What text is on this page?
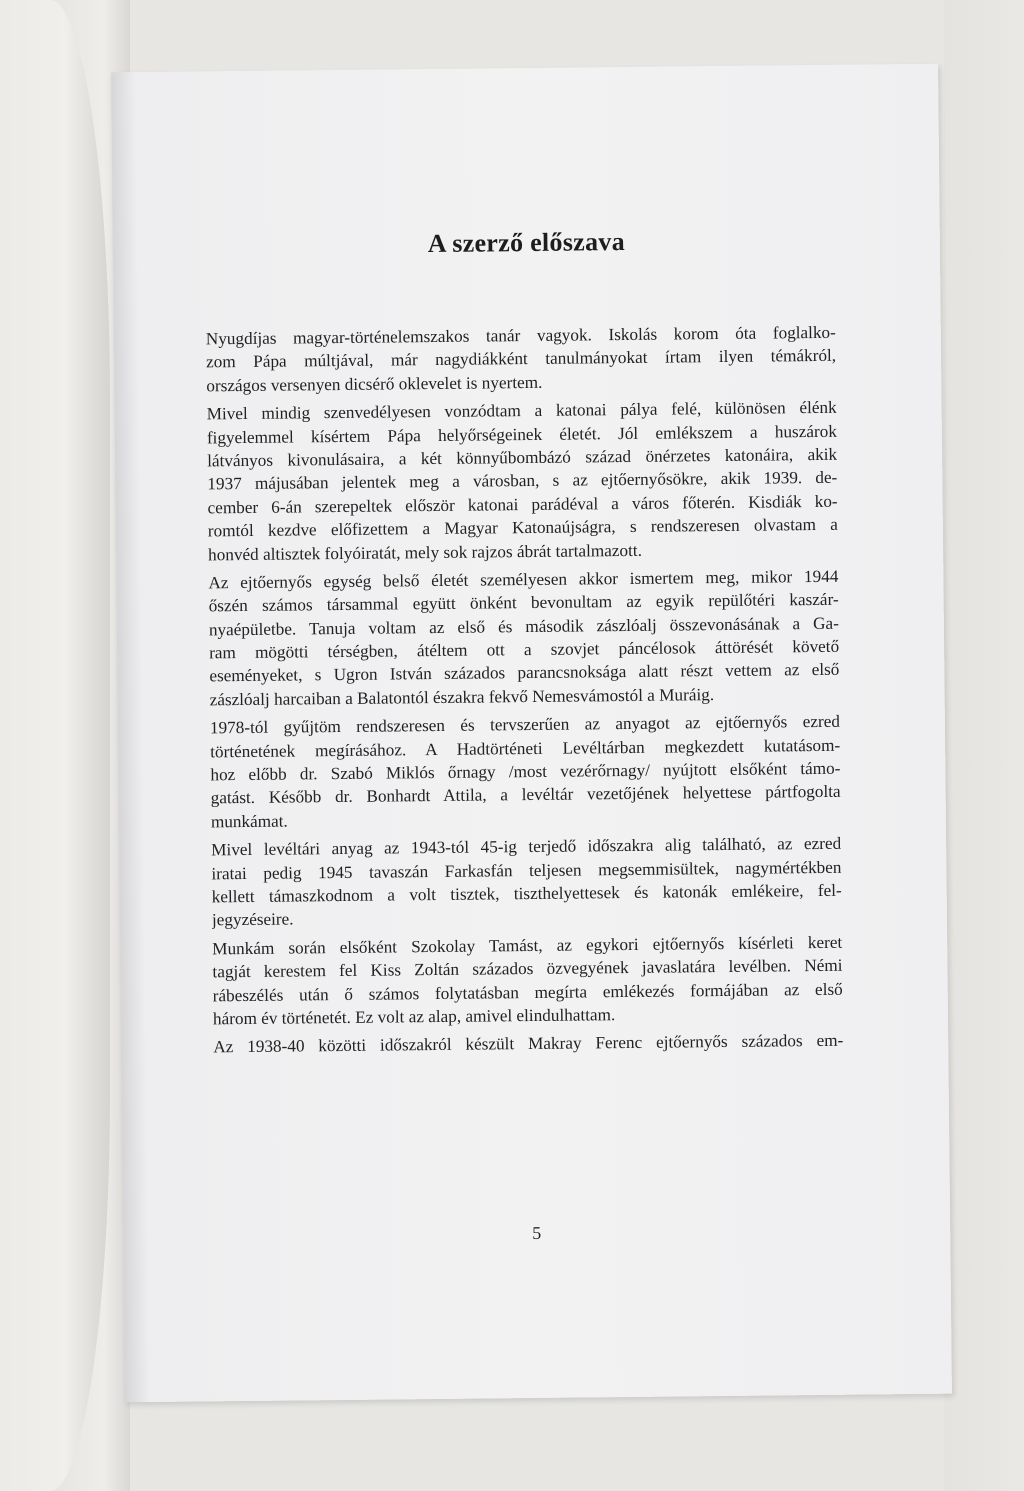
A szerző előszava
Nyugdíjas magyar-történelemszakos tanár vagyok. Iskolás korom óta foglalko-
zom Pápa múltjával, már nagydiákként tanulmányokat írtam ilyen témákról,
országos versenyen dicsérő oklevelet is nyertem.
Mivel mindig szenvedélyesen vonzódtam a katonai pálya felé, különösen élénk
figyelemmel kísértem Pápa helyőrségeinek életét. Jól emlékszem a huszárok
látványos kivonulásaira, a két könnyűbombázó század önérzetes katonáira, akik
1937 májusában jelentek meg a városban, s az ejtőernyősökre, akik 1939. de-
cember 6-án szerepeltek először katonai parádéval a város főterén. Kisdiák ko-
romtól kezdve előfizettem a Magyar Katonaújságra, s rendszeresen olvastam a
honvéd altisztek folyóiratát, mely sok rajzos ábrát tartalmazott.
Az ejtőernyős egység belső életét személyesen akkor ismertem meg, mikor 1944
őszén számos társammal együtt önként bevonultam az egyik repülőtéri kaszár-
nyaépületbe. Tanuja voltam az első és második zászlóalj összevonásának a Ga-
ram mögötti térségben, átéltem ott a szovjet páncélosok áttörését követő
eseményeket, s Ugron István százados parancsnoksága alatt részt vettem az első
zászlóalj harcaiban a Balatontól északra fekvő Nemesvámostól a Muráig.
1978-tól gyűjtöm rendszeresen és tervszerűen az anyagot az ejtőernyős ezred
történetének megírásához. A Hadtörténeti Levéltárban megkezdett kutatásom-
hoz előbb dr. Szabó Miklós őrnagy /most vezérőrnagy/ nyújtott elsőként támo-
gatást. Később dr. Bonhardt Attila, a levéltár vezetőjének helyettese pártfogolta
munkámat.
Mivel levéltári anyag az 1943-tól 45-ig terjedő időszakra alig található, az ezred
iratai pedig 1945 tavaszán Farkasfán teljesen megsemmisültek, nagymértékben
kellett támaszkodnom a volt tisztek, tiszthelyettesek és katonák emlékeire, fel-
jegyzéseire.
Munkám során elsőként Szokolay Tamást, az egykori ejtőernyős kísérleti keret
tagját kerestem fel Kiss Zoltán százados özvegyének javaslatára levélben. Némi
rábeszélés után ő számos folytatásban megírta emlékezés formájában az első
három év történetét. Ez volt az alap, amivel elindulhattam.
Az 1938-40 közötti időszakról készült Makray Ferenc ejtőernyős százados em-
5
